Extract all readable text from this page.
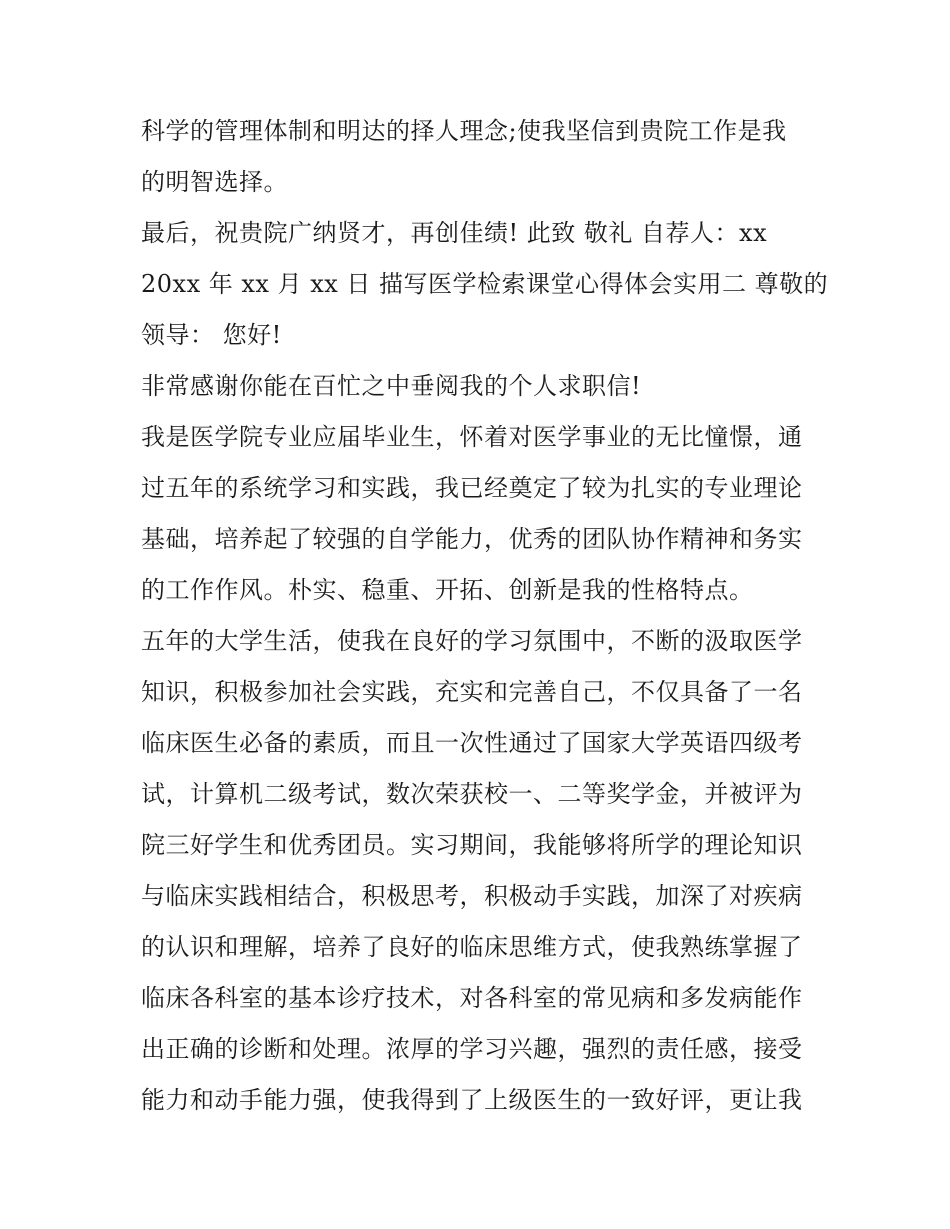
科学的管理体制和明达的择人理念;使我坚信到贵院工作是我
的明智选择。
最后，祝贵院广纳贤才，再创佳绩! 此致 敬礼 自荐人：xx
20xx 年 xx 月 xx 日 描写医学检索课堂心得体会实用二 尊敬的
领导： 您好!
非常感谢你能在百忙之中垂阅我的个人求职信!
我是医学院专业应届毕业生，怀着对医学事业的无比憧憬，通
过五年的系统学习和实践，我已经奠定了较为扎实的专业理论
基础，培养起了较强的自学能力，优秀的团队协作精神和务实
的工作作风。朴实、稳重、开拓、创新是我的性格特点。
五年的大学生活，使我在良好的学习氛围中，不断的汲取医学
知识，积极参加社会实践，充实和完善自己，不仅具备了一名
临床医生必备的素质，而且一次性通过了国家大学英语四级考
试，计算机二级考试，数次荣获校一、二等奖学金，并被评为
院三好学生和优秀团员。实习期间，我能够将所学的理论知识
与临床实践相结合，积极思考，积极动手实践，加深了对疾病
的认识和理解，培养了良好的临床思维方式，使我熟练掌握了
临床各科室的基本诊疗技术，对各科室的常见病和多发病能作
出正确的诊断和处理。浓厚的学习兴趣，强烈的责任感，接受
能力和动手能力强，使我得到了上级医生的一致好评，更让我
